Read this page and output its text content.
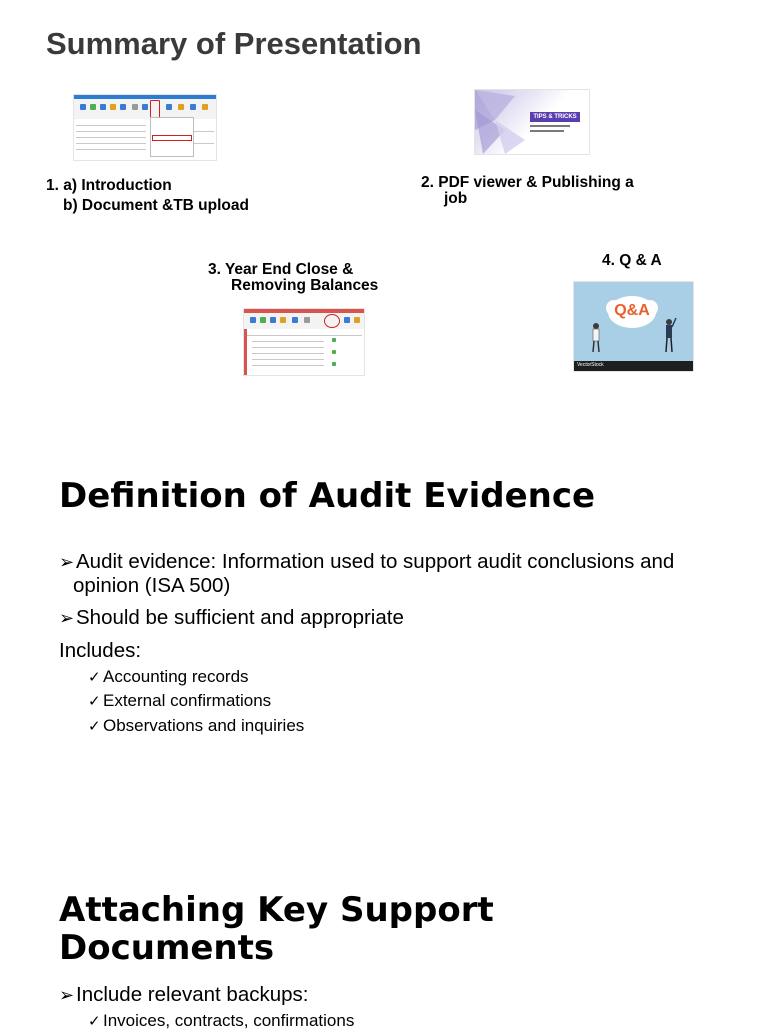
Summary of Presentation
TIPS & TRICKS
1. a) Introduction
b) Document &TB upload
2. PDF viewer & Publishing a
job
3. Year End Close &
Removing Balances
4. Q & A
Q&A
VectorStock
Definition of Audit Evidence
➢Audit evidence: Information used to support audit conclusions and
opinion (ISA 500)
➢Should be sufficient and appropriate
Includes:
✓ Accounting records
✓ External confirmations
✓ Observations and inquiries
Attaching Key Support
Documents
➢Include relevant backups:
✓ Invoices, contracts, confirmations
